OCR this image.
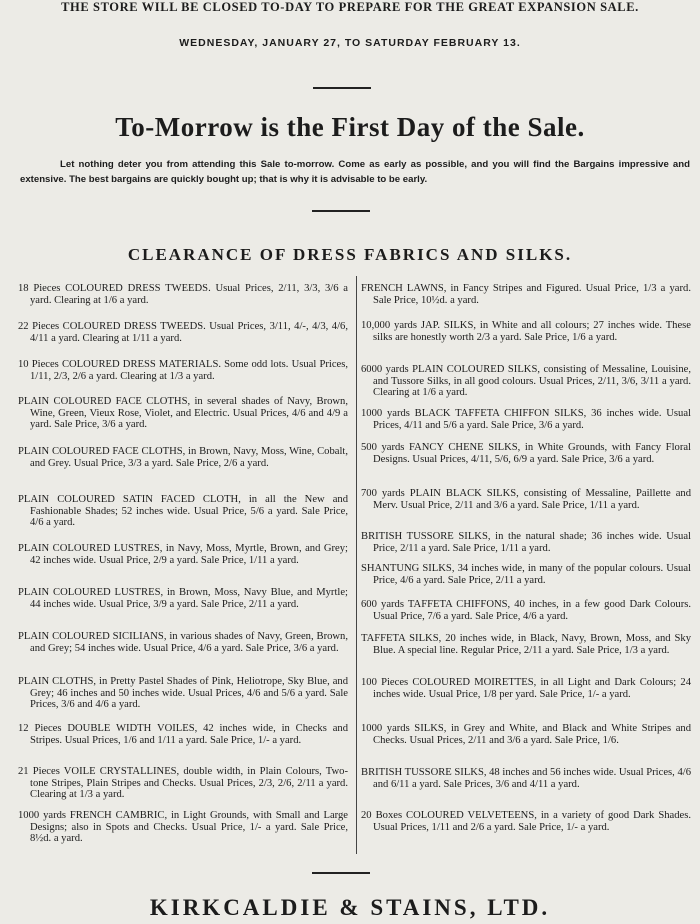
THE STORE WILL BE CLOSED TO-DAY TO PREPARE FOR THE GREAT EXPANSION SALE.
WEDNESDAY, JANUARY 27, TO SATURDAY FEBRUARY 13.
To-Morrow is the First Day of the Sale.
Let nothing deter you from attending this Sale to-morrow. Come as early as possible, and you will find the Bargains impressive and extensive. The best bargains are quickly bought up; that is why it is advisable to be early.
CLEARANCE OF DRESS FABRICS AND SILKS.
18 Pieces COLOURED DRESS TWEEDS. Usual Prices, 2/11, 3/3, 3/6 a yard. Clearing at 1/6 a yard.
22 Pieces COLOURED DRESS TWEEDS. Usual Prices, 3/11, 4/-, 4/3, 4/6, 4/11 a yard. Clearing at 1/11 a yard.
10 Pieces COLOURED DRESS MATERIALS. Some odd lots. Usual Prices, 1/11, 2/3, 2/6 a yard. Clearing at 1/3 a yard.
PLAIN COLOURED FACE CLOTHS, in several shades of Navy, Brown, Wine, Green, Vieux Rose, Violet, and Electric. Usual Prices, 4/6 and 4/9 a yard. Sale Price, 3/6 a yard.
PLAIN COLOURED FACE CLOTHS, in Brown, Navy, Moss, Wine, Cobalt, and Grey. Usual Price, 3/3 a yard. Sale Price, 2/6 a yard.
PLAIN COLOURED SATIN FACED CLOTH, in all the New and Fashionable Shades; 52 inches wide. Usual Price, 5/6 a yard. Sale Price, 4/6 a yard.
PLAIN COLOURED LUSTRES, in Navy, Moss, Myrtle, Brown, and Grey; 42 inches wide. Usual Price, 2/9 a yard. Sale Price, 1/11 a yard.
PLAIN COLOURED LUSTRES, in Brown, Moss, Navy Blue, and Myrtle; 44 inches wide. Usual Price, 3/9 a yard. Sale Price, 2/11 a yard.
PLAIN COLOURED SICILIANS, in various shades of Navy, Green, Brown, and Grey; 54 inches wide. Usual Price, 4/6 a yard. Sale Price, 3/6 a yard.
PLAIN CLOTHS, in Pretty Pastel Shades of Pink, Heliotrope, Sky Blue, and Grey; 46 inches and 50 inches wide. Usual Prices, 4/6 and 5/6 a yard. Sale Prices, 3/6 and 4/6 a yard.
12 Pieces DOUBLE WIDTH VOILES, 42 inches wide, in Checks and Stripes. Usual Prices, 1/6 and 1/11 a yard. Sale Price, 1/- a yard.
21 Pieces VOILE CRYSTALLINES, double width, in Plain Colours, Two-tone Stripes, Plain Stripes and Checks. Usual Prices, 2/3, 2/6, 2/11 a yard. Clearing at 1/3 a yard.
1000 yards FRENCH CAMBRIC, in Light Grounds, with Small and Large Designs; also in Spots and Checks. Usual Price, 1/- a yard. Sale Price, 8½d. a yard.
FRENCH LAWNS, in Fancy Stripes and Figured. Usual Price, 1/3 a yard. Sale Price, 10½d. a yard.
10,000 yards JAP. SILKS, in White and all colours; 27 inches wide. These silks are honestly worth 2/3 a yard. Sale Price, 1/6 a yard.
6000 yards PLAIN COLOURED SILKS, consisting of Messaline, Louisine, and Tussore Silks, in all good colours. Usual Prices, 2/11, 3/6, 3/11 a yard. Clearing at 1/6 a yard.
1000 yards BLACK TAFFETA CHIFFON SILKS, 36 inches wide. Usual Prices, 4/11 and 5/6 a yard. Sale Price, 3/6 a yard.
500 yards FANCY CHENE SILKS, in White Grounds, with Fancy Floral Designs. Usual Prices, 4/11, 5/6, 6/9 a yard. Sale Price, 3/6 a yard.
700 yards PLAIN BLACK SILKS, consisting of Messaline, Paillette and Merv. Usual Price, 2/11 and 3/6 a yard. Sale Price, 1/11 a yard.
BRITISH TUSSORE SILKS, in the natural shade; 36 inches wide. Usual Price, 2/11 a yard. Sale Price, 1/11 a yard.
SHANTUNG SILKS, 34 inches wide, in many of the popular colours. Usual Price, 4/6 a yard. Sale Price, 2/11 a yard.
600 yards TAFFETA CHIFFONS, 40 inches, in a few good Dark Colours. Usual Price, 7/6 a yard. Sale Price, 4/6 a yard.
TAFFETA SILKS, 20 inches wide, in Black, Navy, Brown, Moss, and Sky Blue. A special line. Regular Price, 2/11 a yard. Sale Price, 1/3 a yard.
100 Pieces COLOURED MOIRETTES, in all Light and Dark Colours; 24 inches wide. Usual Price, 1/8 per yard. Sale Price, 1/- a yard.
1000 yards SILKS, in Grey and White, and Black and White Stripes and Checks. Usual Prices, 2/11 and 3/6 a yard. Sale Price, 1/6.
BRITISH TUSSORE SILKS, 48 inches and 56 inches wide. Usual Prices, 4/6 and 6/11 a yard. Sale Prices, 3/6 and 4/11 a yard.
20 Boxes COLOURED VELVETEENS, in a variety of good Dark Shades. Usual Prices, 1/11 and 2/6 a yard. Sale Price, 1/- a yard.
KIRKCALDIE & STAINS, LTD.
